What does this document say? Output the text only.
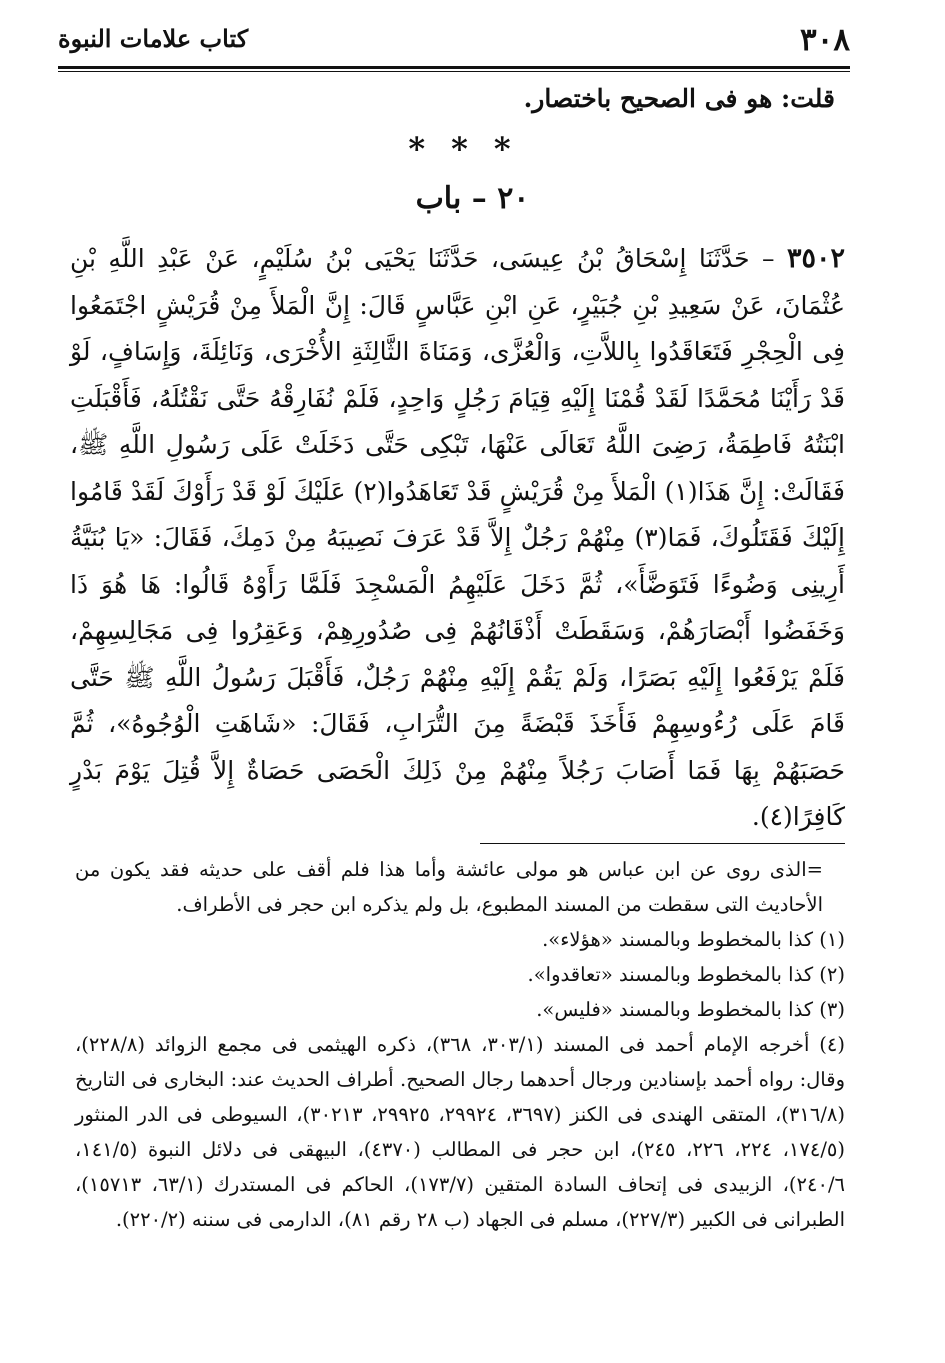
٣٠٨
كتاب علامات النبوة
قلت: هو فى الصحيح باختصار.
***
٢٠ – باب
٣٥٠٢ – حَدَّثَنَا إِسْحَاقُ بْنُ عِيسَى، حَدَّثَنَا يَحْيَى بْنُ سُلَيْمٍ، عَنْ عَبْدِ اللَّهِ بْنِ عُثْمَانَ، عَنْ سَعِيدِ بْنِ جُبَيْرٍ، عَنِ ابْنِ عَبَّاسٍ قَالَ: إِنَّ الْمَلأَ مِنْ قُرَيْشٍ اجْتَمَعُوا فِى الْحِجْرِ فَتَعَاقَدُوا بِاللاَّتِ، وَالْعُزَّى، وَمَنَاةَ الثَّالِثَةِ الأُخْرَى، وَنَائِلَةَ، وَإِسَافٍ، لَوْ قَدْ رَأَيْنَا مُحَمَّدًا لَقَدْ قُمْنَا إِلَيْهِ قِيَامَ رَجُلٍ وَاحِدٍ، فَلَمْ نُفَارِقْهُ حَتَّى نَقْتُلَهُ، فَأَقْبَلَتِ ابْنَتُهُ فَاطِمَةُ، رَضِىَ اللَّهُ تَعَالَى عَنْهَا، تَبْكِى حَتَّى دَخَلَتْ عَلَى رَسُولِ اللَّهِ ﷺ، فَقَالَتْ: إِنَّ هَذَا(١) الْمَلأَ مِنْ قُرَيْشٍ قَدْ تَعَاهَدُوا(٢) عَلَيْكَ لَوْ قَدْ رَأَوْكَ لَقَدْ قَامُوا إِلَيْكَ فَقَتَلُوكَ، فَمَا(٣) مِنْهُمْ رَجُلٌ إِلاَّ قَدْ عَرَفَ نَصِيبَهُ مِنْ دَمِكَ، فَقَالَ: «يَا بُنَيَّةُ أَرِينِى وَضُوءًا فَتَوَضَّأَ»، ثُمَّ دَخَلَ عَلَيْهِمُ الْمَسْجِدَ فَلَمَّا رَأَوْهُ قَالُوا: هَا هُوَ ذَا وَخَفَضُوا أَبْصَارَهُمْ، وَسَقَطَتْ أَذْقَانُهُمْ فِى صُدُورِهِمْ، وَعَقِرُوا فِى مَجَالِسِهِمْ، فَلَمْ يَرْفَعُوا إِلَيْهِ بَصَرًا، وَلَمْ يَقُمْ إِلَيْهِ مِنْهُمْ رَجُلٌ، فَأَقْبَلَ رَسُولُ اللَّهِ ﷺ حَتَّى قَامَ عَلَى رُءُوسِهِمْ فَأَخَذَ قَبْضَةً مِنَ التُّرَابِ، فَقَالَ: «شَاهَتِ الْوُجُوهُ»، ثُمَّ حَصَبَهُمْ بِهَا فَمَا أَصَابَ رَجُلاً مِنْهُمْ مِنْ ذَلِكَ الْحَصَى حَصَاةٌ إِلاَّ قُتِلَ يَوْمَ بَدْرٍ كَافِرًا(٤).

=الذى روى عن ابن عباس هو مولى عائشة وأما هذا فلم أقف على حديثه فقد يكون من الأحاديث التى سقطت من المسند المطبوع، بل ولم يذكره ابن حجر فى الأطراف.

(١) كذا بالمخطوط وبالمسند «هؤلاء».

(٢) كذا بالمخطوط وبالمسند «تعاقدوا».

(٣) كذا بالمخطوط وبالمسند «فليس».

(٤) أخرجه الإمام أحمد فى المسند (٣٠٣/١، ٣٦٨)، ذكره الهيثمى فى مجمع الزوائد (٢٢٨/٨)، وقال: رواه أحمد بإسنادين ورجال أحدهما رجال الصحيح. أطراف الحديث عند: البخارى فى التاريخ (٣١٦/٨)، المتقى الهندى فى الكنز (٣٦٩٧، ٢٩٩٢٤، ٢٩٩٢٥، ٣٠٢١٣)، السيوطى فى الدر المنثور (١٧٤/٥، ٢٢٤، ٢٢٦، ٢٤٥)، ابن حجر فى المطالب (٤٣٧٠)، البيهقى فى دلائل النبوة (١٤١/٥، ٢٤٠/٦)، الزبيدى فى إتحاف السادة المتقين (١٧٣/٧)، الحاكم فى المستدرك (٦٣/١، ١٥٧١٣)، الطبرانى فى الكبير (٢٢٧/٣)، مسلم فى الجهاد (ب ٢٨ رقم ٨١)، الدارمى فى سننه (٢٢٠/٢).
